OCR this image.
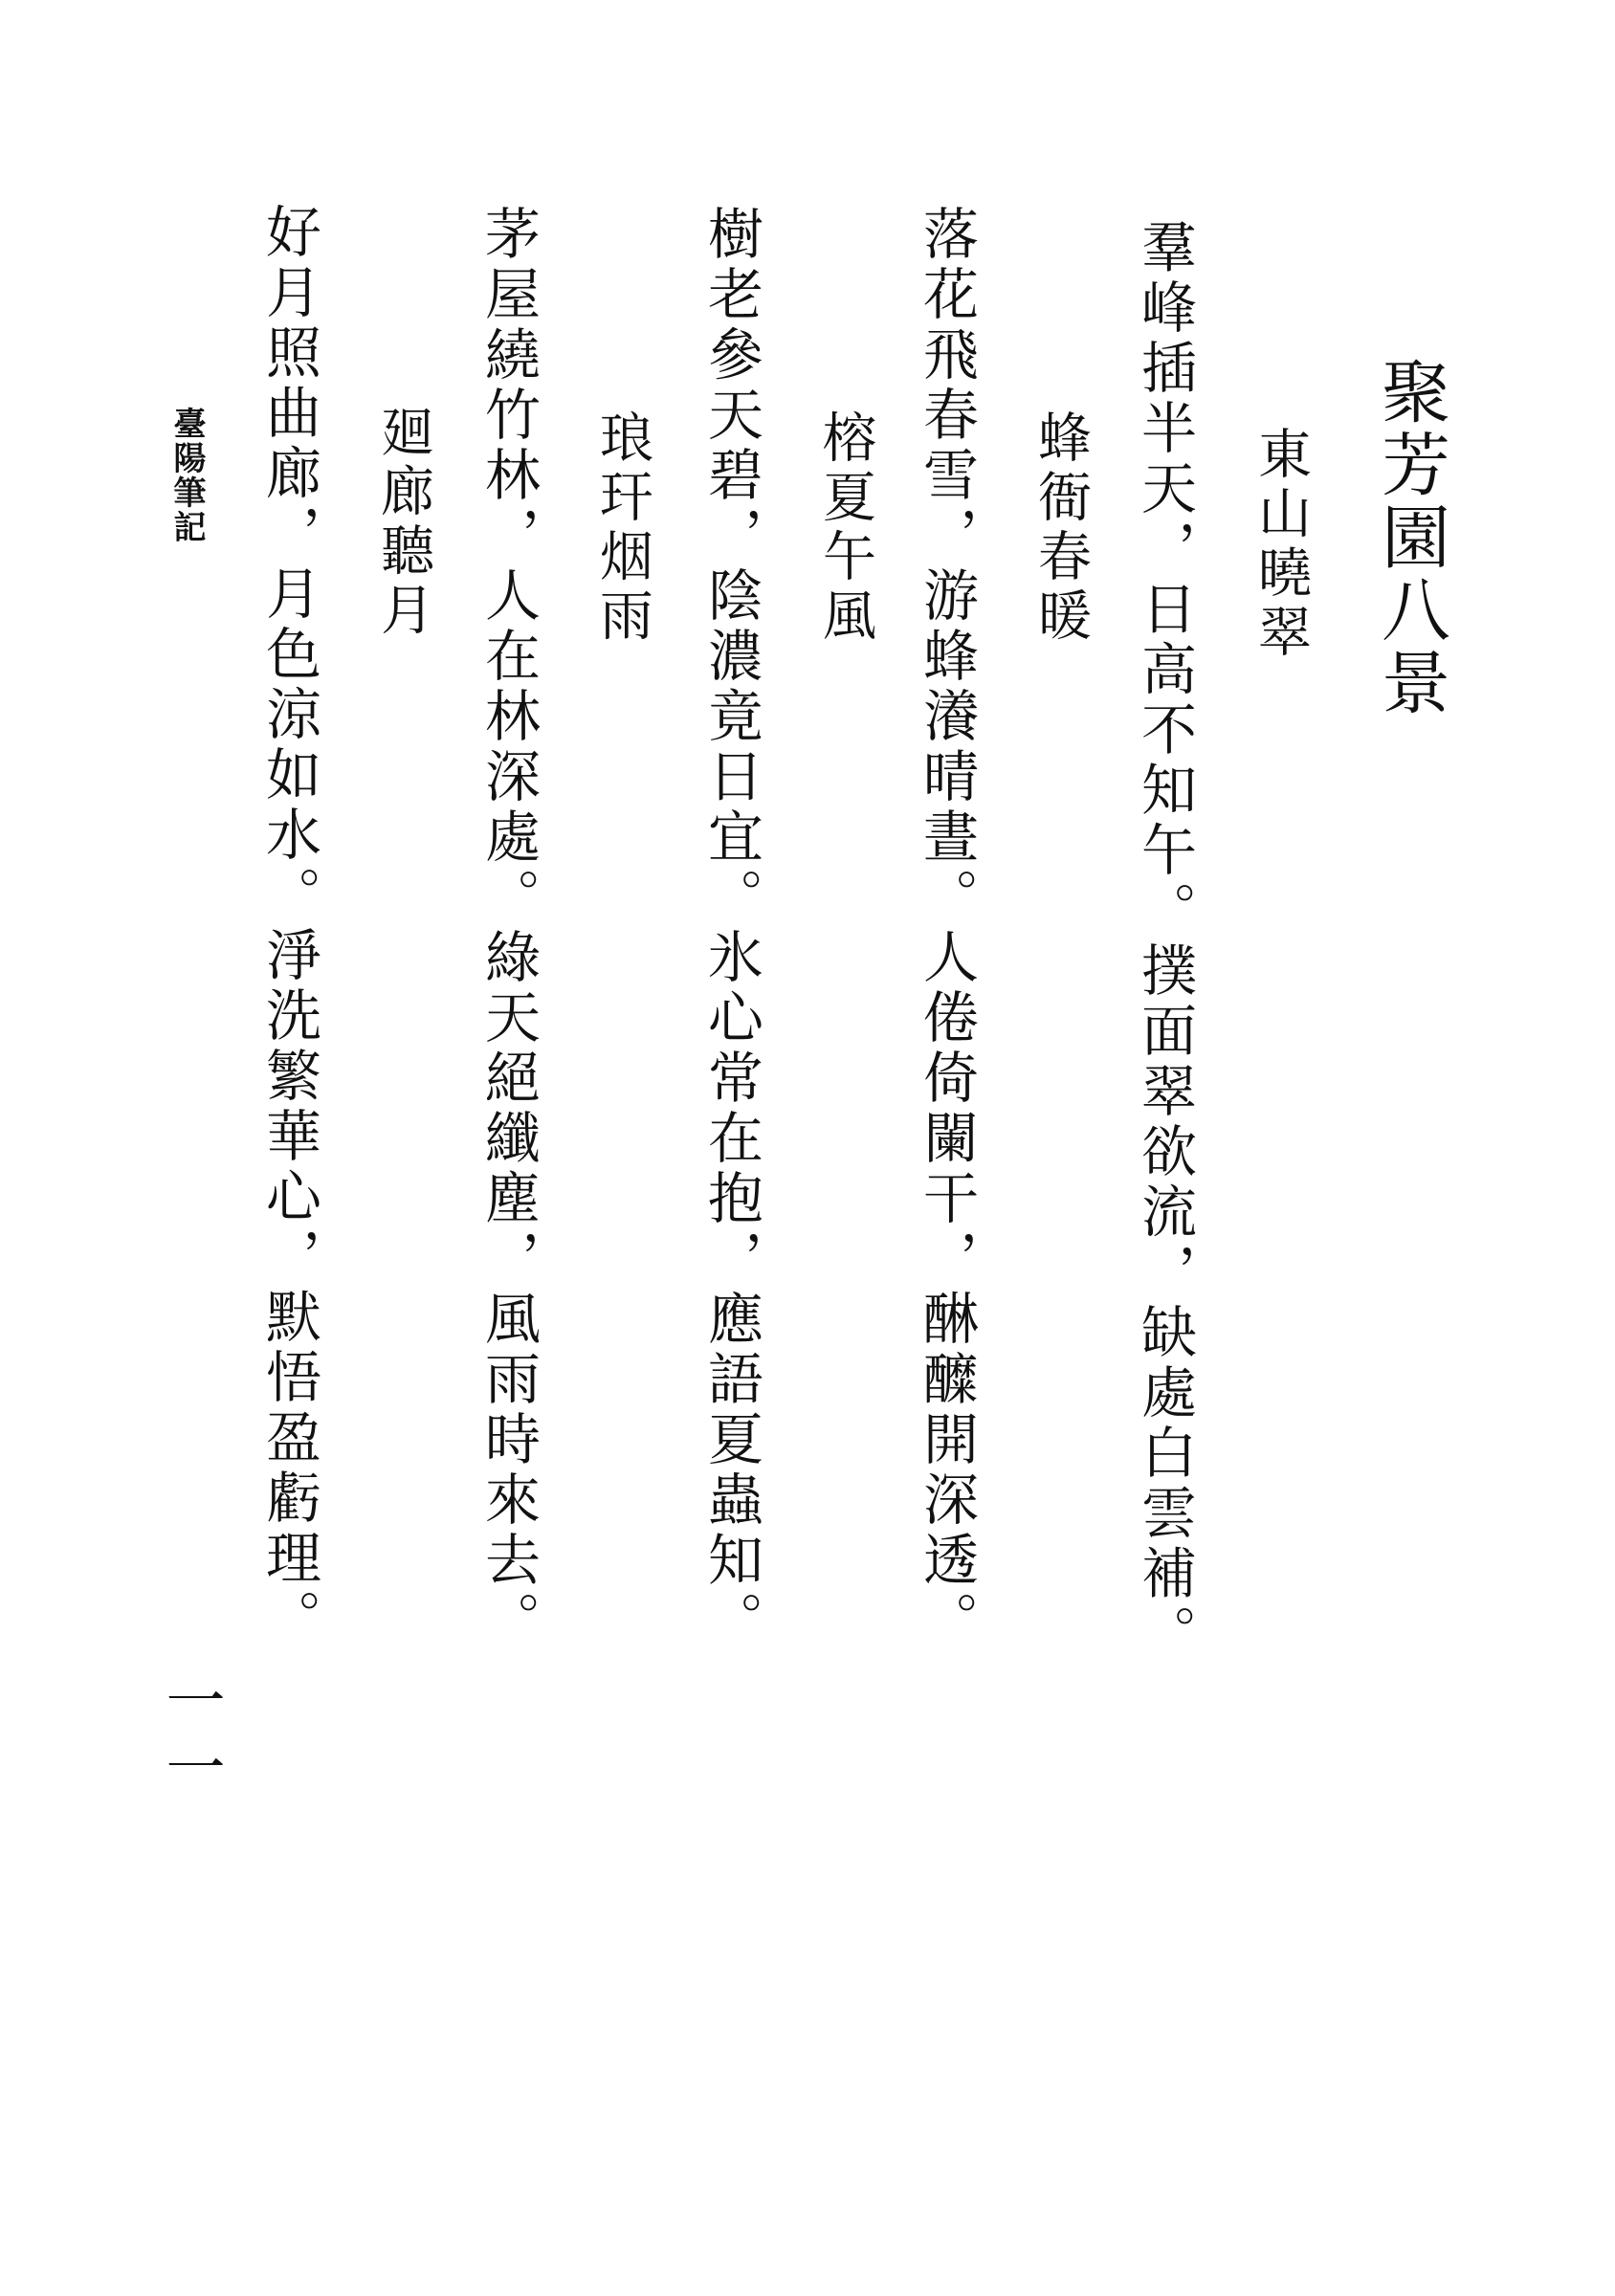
聚芳園八景
東山曉翠
羣峰插半天，日高不知午。撲面翠欲流，缺處白雲補。
蜂衙春暖
落花飛春雪，游蜂瀁晴晝。人倦倚闌干，醂醾開深透。
榕夏午風
樹老參天碧，陰濃竟日宜。氷心常在抱，應語夏蟲知。
琅玕烟雨
茅屋繞竹林，人在林深處。綠天絕纖塵，風雨時來去。
廻廊聽月
好月照曲廊，月色涼如水。淨洗繁華心，默悟盈虧理。
臺陽筆記
一一
